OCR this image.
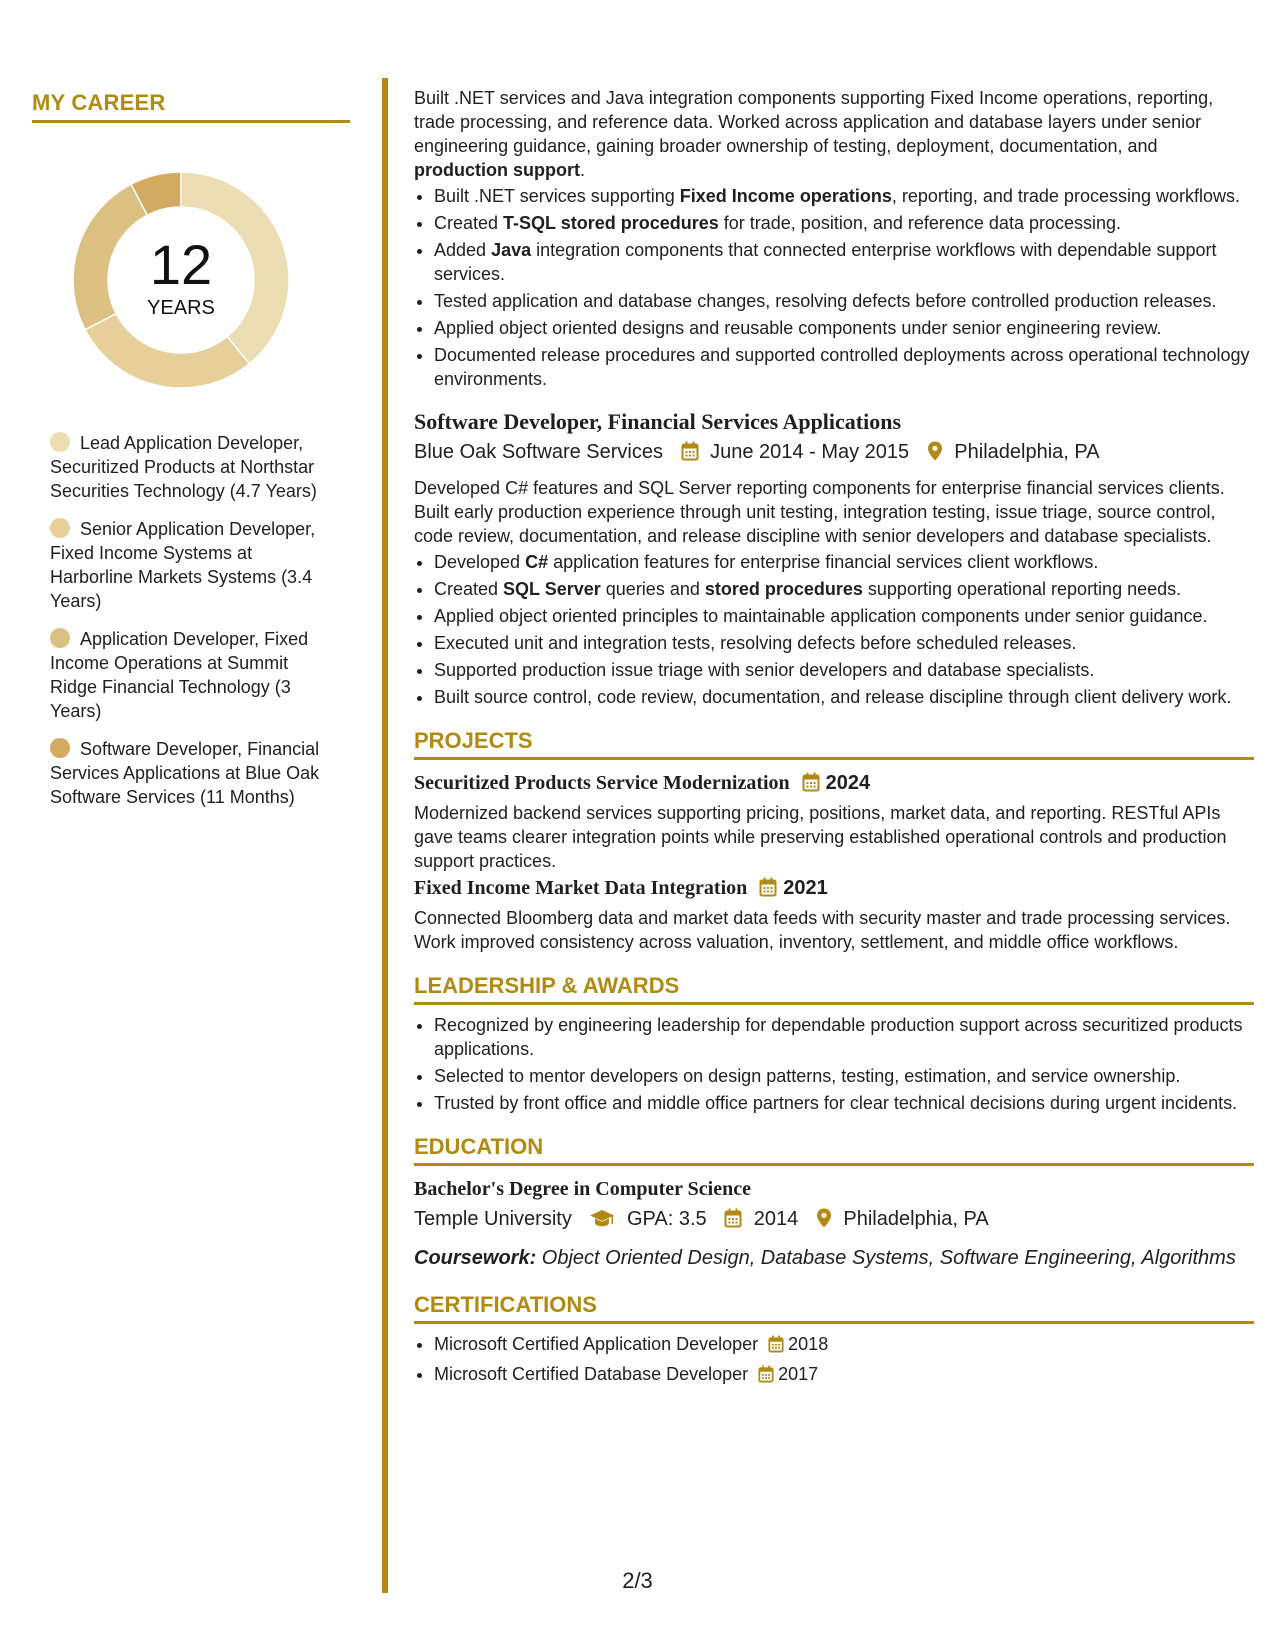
MY CAREER
12
YEARS
Lead Application Developer, Securitized Products at Northstar Securities Technology (4.7 Years)
Senior Application Developer, Fixed Income Systems at Harborline Markets Systems (3.4 Years)
Application Developer, Fixed Income Operations at Summit Ridge Financial Technology (3 Years)
Software Developer, Financial Services Applications at Blue Oak Software Services (11 Months)

Built .NET services and Java integration components supporting Fixed Income operations, reporting, trade processing, and reference data. Worked across application and database layers under senior engineering guidance, gaining broader ownership of testing, deployment, documentation, and production support.

• Built .NET services supporting Fixed Income operations, reporting, and trade processing workflows.
• Created T-SQL stored procedures for trade, position, and reference data processing.
• Added Java integration components that connected enterprise workflows with dependable support services.
• Tested application and database changes, resolving defects before controlled production releases.
• Applied object oriented designs and reusable components under senior engineering review.
• Documented release procedures and supported controlled deployments across operational technology environments.
Software Developer, Financial Services Applications
Blue Oak Software Services June 2014 - May 2015 Philadelphia, PA

Developed C# features and SQL Server reporting components for enterprise financial services clients. Built early production experience through unit testing, integration testing, issue triage, source control, code review, documentation, and release discipline with senior developers and database specialists.

• Developed C# application features for enterprise financial services client workflows.
• Created SQL Server queries and stored procedures supporting operational reporting needs.
• Applied object oriented principles to maintainable application components under senior guidance.
• Executed unit and integration tests, resolving defects before scheduled releases.
• Supported production issue triage with senior developers and database specialists.
• Built source control, code review, documentation, and release discipline through client delivery work.
PROJECTS
Securitized Products Service Modernization 2024

Modernized backend services supporting pricing, positions, market data, and reporting. RESTful APIs gave teams clearer integration points while preserving established operational controls and production support practices.

Fixed Income Market Data Integration 2021

Connected Bloomberg data and market data feeds with security master and trade processing services. Work improved consistency across valuation, inventory, settlement, and middle office workflows.

LEADERSHIP & AWARDS
• Recognized by engineering leadership for dependable production support across securitized products applications.
• Selected to mentor developers on design patterns, testing, estimation, and service ownership.
• Trusted by front office and middle office partners for clear technical decisions during urgent incidents.
EDUCATION
Bachelor's Degree in Computer Science
Temple University	GPA: 3.5 2014 Philadelphia, PA
Coursework: Object Oriented Design, Database Systems, Software Engineering, Algorithms
CERTIFICATIONS
• Microsoft Certified Application Developer 2018
• Microsoft Certified Database Developer 2017
2/3
